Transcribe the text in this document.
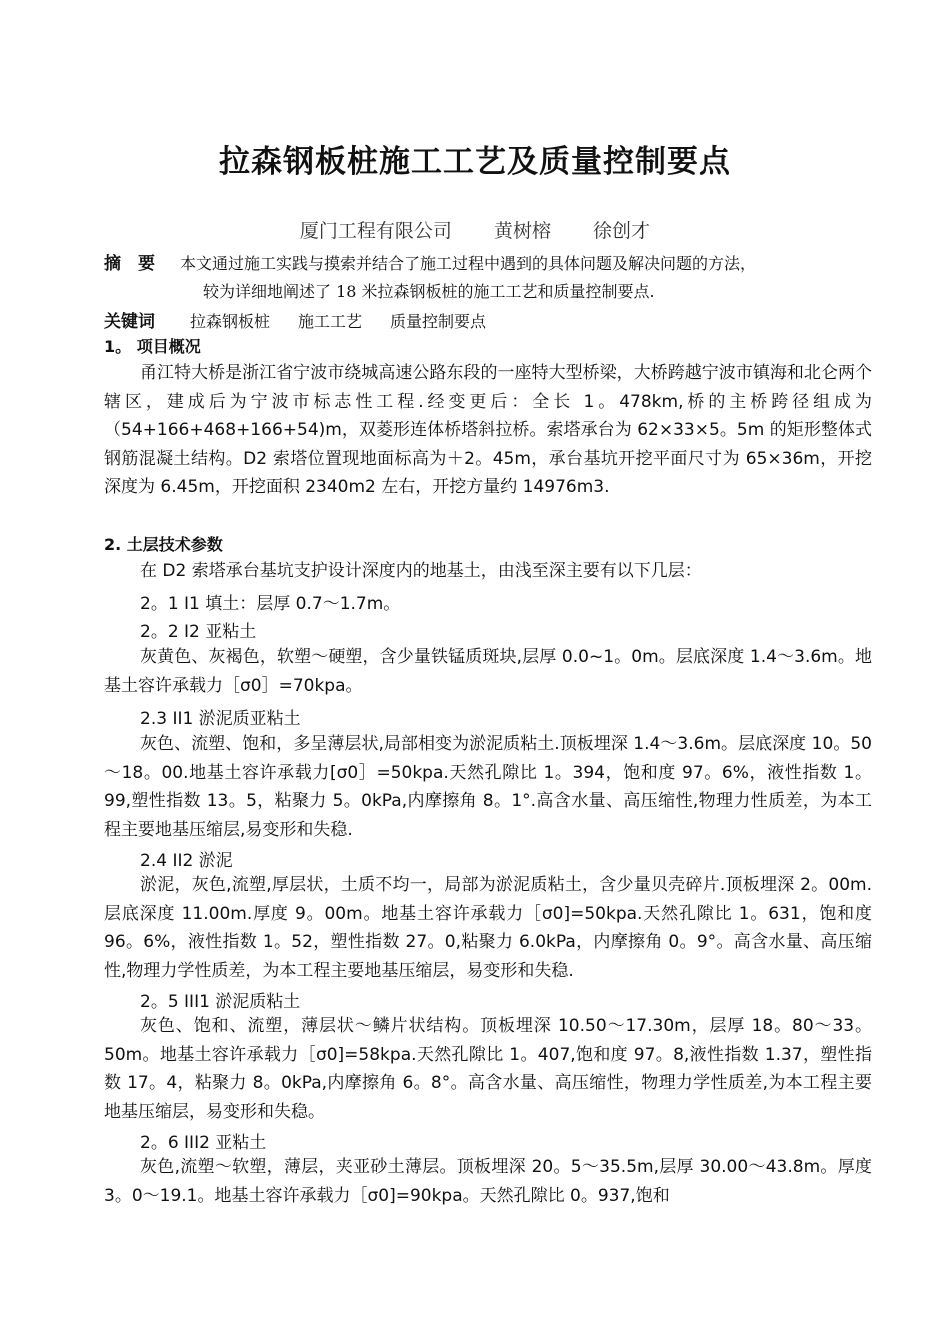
拉森钢板桩施工工艺及质量控制要点
厦门工程有限公司 黄树榕 徐创才
摘　要 本文通过施工实践与摸索并结合了施工过程中遇到的具体问题及解决问题的方法，
较为详细地阐述了 18 米拉森钢板桩的施工工艺和质量控制要点.
关键词 拉森钢板桩 施工工艺 质量控制要点
1。 项目概况
甬江特大桥是浙江省宁波市绕城高速公路东段的一座特大型桥梁，大桥跨越宁波市镇海和北仑两个辖区，建成后为宁波市标志性工程.经变更后：全长 1。478km,桥的主桥跨径组成为（54+166+468+166+54)m，双菱形连体桥塔斜拉桥。索塔承台为 62×33×5。5m 的矩形整体式钢筋混凝土结构。D2 索塔位置现地面标高为＋2。45m，承台基坑开挖平面尺寸为 65×36m，开挖深度为 6.45m，开挖面积 2340m2 左右，开挖方量约 14976m3.
2. 土层技术参数
在 D2 索塔承台基坑支护设计深度内的地基土，由浅至深主要有以下几层：
2。1 I1 填土：层厚 0.7～1.7m。
2。2 I2 亚粘土
灰黄色、灰褐色，软塑～硬塑，含少量铁锰质斑块,层厚 0.0~1。0m。层底深度 1.4～3.6m。地基土容许承载力［σ0］=70kpa。
2.3 II1 淤泥质亚粘土
灰色、流塑、饱和，多呈薄层状,局部相变为淤泥质粘土.顶板埋深 1.4～3.6m。层底深度 10。50～18。00.地基土容许承载力[σ0］=50kpa.天然孔隙比 1。394，饱和度 97。6%，液性指数 1。99,塑性指数 13。5，粘聚力 5。0kPa,内摩擦角 8。1°.高含水量、高压缩性,物理力性质差，为本工程主要地基压缩层,易变形和失稳.
2.4 II2 淤泥
淤泥，灰色,流塑,厚层状，土质不均一，局部为淤泥质粘土，含少量贝壳碎片.顶板埋深 2。00m.层底深度 11.00m.厚度 9。00m。地基土容许承载力［σ0]=50kpa.天然孔隙比 1。631，饱和度 96。6%，液性指数 1。52，塑性指数 27。0,粘聚力 6.0kPa，内摩擦角 0。9°。高含水量、高压缩性,物理力学性质差，为本工程主要地基压缩层，易变形和失稳.
2。5 III1 淤泥质粘土
灰色、饱和、流塑，薄层状～鳞片状结构。顶板埋深 10.50～17.30m，层厚 18。80～33。50m。地基土容许承载力［σ0]=58kpa.天然孔隙比 1。407,饱和度 97。8,液性指数 1.37，塑性指数 17。4，粘聚力 8。0kPa,内摩擦角 6。8°。高含水量、高压缩性，物理力学性质差,为本工程主要地基压缩层，易变形和失稳。
2。6 III2 亚粘土
灰色,流塑～软塑，薄层，夹亚砂土薄层。顶板埋深 20。5～35.5m,层厚 30.00～43.8m。厚度 3。0～19.1。地基土容许承载力［σ0]=90kpa。天然孔隙比 0。937,饱和
